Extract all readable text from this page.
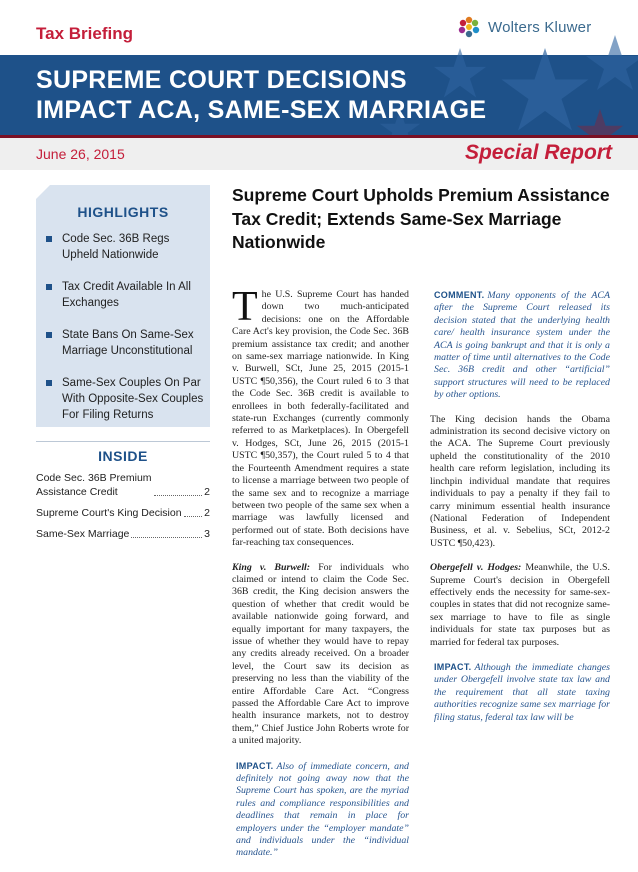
Tax Briefing	Wolters Kluwer
SUPREME COURT DECISIONS
IMPACT ACA, SAME-SEX MARRIAGE
June 26, 2015	Special Report
HIGHLIGHTS
Code Sec. 36B Regs Upheld Nationwide
Tax Credit Available In All Exchanges
State Bans On Same-Sex Marriage Unconstitutional
Same-Sex Couples On Par With Opposite-Sex Couples For Filing Returns
INSIDE
Code Sec. 36B Premium
Assistance Credit	2
Supreme Court's King Decision 2
Same-Sex Marriage	3
Supreme Court Upholds Premium Assistance Tax Credit; Extends Same-Sex Marriage Nationwide

The U.S. Supreme Court has handed down two much-anticipated decisions: one on the Affordable Care Act's key provision, the Code Sec. 36B premium assistance tax credit; and another on same-sex marriage nationwide. In King v. Burwell, SCt, June 25, 2015 (2015-1 USTC ¶50,356), the Court ruled 6 to 3 that the Code Sec. 36B credit is available to enrollees in both federally-facilitated and state-run Exchanges (currently commonly referred to as Marketplaces). In Obergefell v. Hodges, SCt, June 26, 2015 (2015-1 USTC ¶50,357), the Court ruled 5 to 4 that the Fourteenth Amendment requires a state to license a marriage between two people of the same sex and to recognize a marriage between two people of the same sex when a marriage was lawfully licensed and performed out of state. Both decisions have far-reaching tax consequences.

King v. Burwell: For individuals who claimed or intend to claim the Code Sec. 36B credit, the King decision answers the question of whether that credit would be available nationwide going forward, and equally important for many taxpayers, the issue of whether they would have to repay any credits already received. On a broader level, the Court saw its decision as preserving no less than the viability of the entire Affordable Care Act. “Congress passed the Affordable Care Act to improve health insurance markets, not to destroy them,” Chief Justice John Roberts wrote for a united majority.

IMPACT. Also of immediate concern, and definitely not going away now that the Supreme Court has spoken, are the myriad rules and compliance responsibilities and deadlines that remain in place for employers under the “employer mandate” and individuals under the “individual mandate.”

COMMENT. Many opponents of the ACA after the Supreme Court released its decision stated that the underlying health care/ health insurance system under the ACA is going bankrupt and that it is only a matter of time until alternatives to the Code Sec. 36B credit and other “artificial” support structures will need to be replaced by other options.

The King decision hands the Obama administration its second decisive victory on the ACA. The Supreme Court previously upheld the constitutionality of the 2010 health care reform legislation, including its linchpin individual mandate that requires individuals to pay a penalty if they fail to carry minimum essential health insurance (National Federation of Independent Business, et al. v. Sebelius, SCt, 2012-2 USTC ¶50,423).

Obergefell v. Hodges: Meanwhile, the U.S. Supreme Court's decision in Obergefell effectively ends the necessity for same-sex-couples in states that did not recognize same-sex marriage to have to file as single individuals for state tax purposes but as married for federal tax purposes.

IMPACT. Although the immediate changes under Obergefell involve state tax law and the requirement that all state taxing authorities recognize same sex marriage for filing status, federal tax law will be
